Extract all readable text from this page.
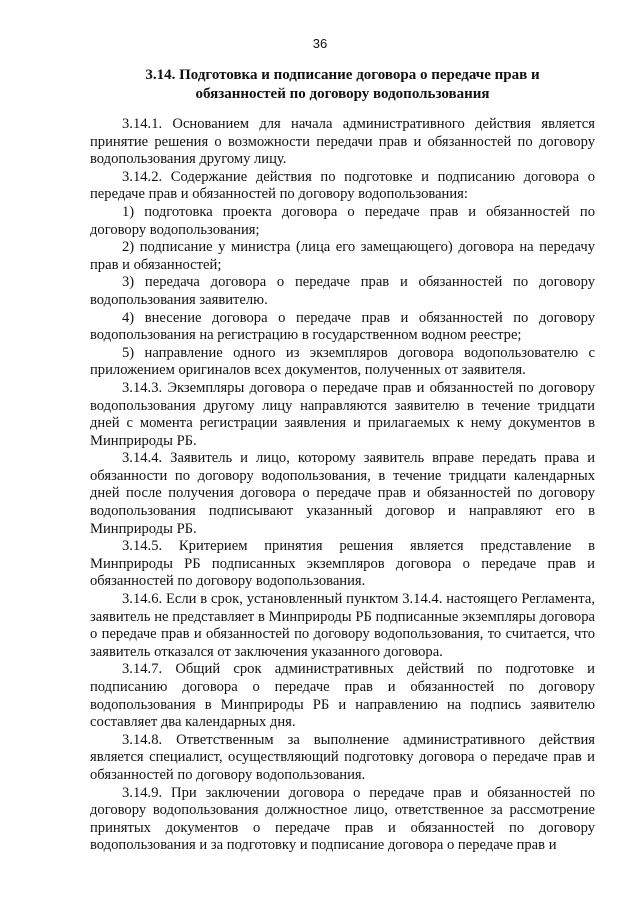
36
3.14. Подготовка и подписание договора о передаче прав и
обязанностей по договору водопользования

3.14.1. Основанием для начала административного действия является принятие решения о возможности передачи прав и обязанностей по договору водопользования другому лицу.

3.14.2. Содержание действия по подготовке и подписанию договора о передаче прав и обязанностей по договору водопользования:

1) подготовка проекта договора о передаче прав и обязанностей по договору водопользования;

2) подписание у министра (лица его замещающего) договора на передачу прав и обязанностей;

3) передача договора о передаче прав и обязанностей по договору водопользования заявителю.

4) внесение договора о передаче прав и обязанностей по договору водопользования на регистрацию в государственном водном реестре;

5) направление одного из экземпляров договора водопользователю с приложением оригиналов всех документов, полученных от заявителя.

3.14.3. Экземпляры договора о передаче прав и обязанностей по договору водопользования другому лицу направляются заявителю в течение тридцати дней с момента регистрации заявления и прилагаемых к нему документов в Минприроды РБ.

3.14.4. Заявитель и лицо, которому заявитель вправе передать права и обязанности по договору водопользования, в течение тридцати календарных дней после получения договора о передаче прав и обязанностей по договору водопользования подписывают указанный договор и направляют его в Минприроды РБ.

3.14.5. Критерием принятия решения является представление в Минприроды РБ подписанных экземпляров договора о передаче прав и обязанностей по договору водопользования.

3.14.6. Если в срок, установленный пунктом 3.14.4. настоящего Регламента, заявитель не представляет в Минприроды РБ подписанные экземпляры договора о передаче прав и обязанностей по договору водопользования, то считается, что заявитель отказался от заключения указанного договора.

3.14.7. Общий срок административных действий по подготовке и подписанию договора о передаче прав и обязанностей по договору водопользования в Минприроды РБ и направлению на подпись заявителю составляет два календарных дня.

3.14.8. Ответственным за выполнение административного действия является специалист, осуществляющий подготовку договора о передаче прав и обязанностей по договору водопользования.

3.14.9. При заключении договора о передаче прав и обязанностей по договору водопользования должностное лицо, ответственное за рассмотрение принятых документов о передаче прав и обязанностей по договору водопользования и за подготовку и подписание договора о передаче прав и
